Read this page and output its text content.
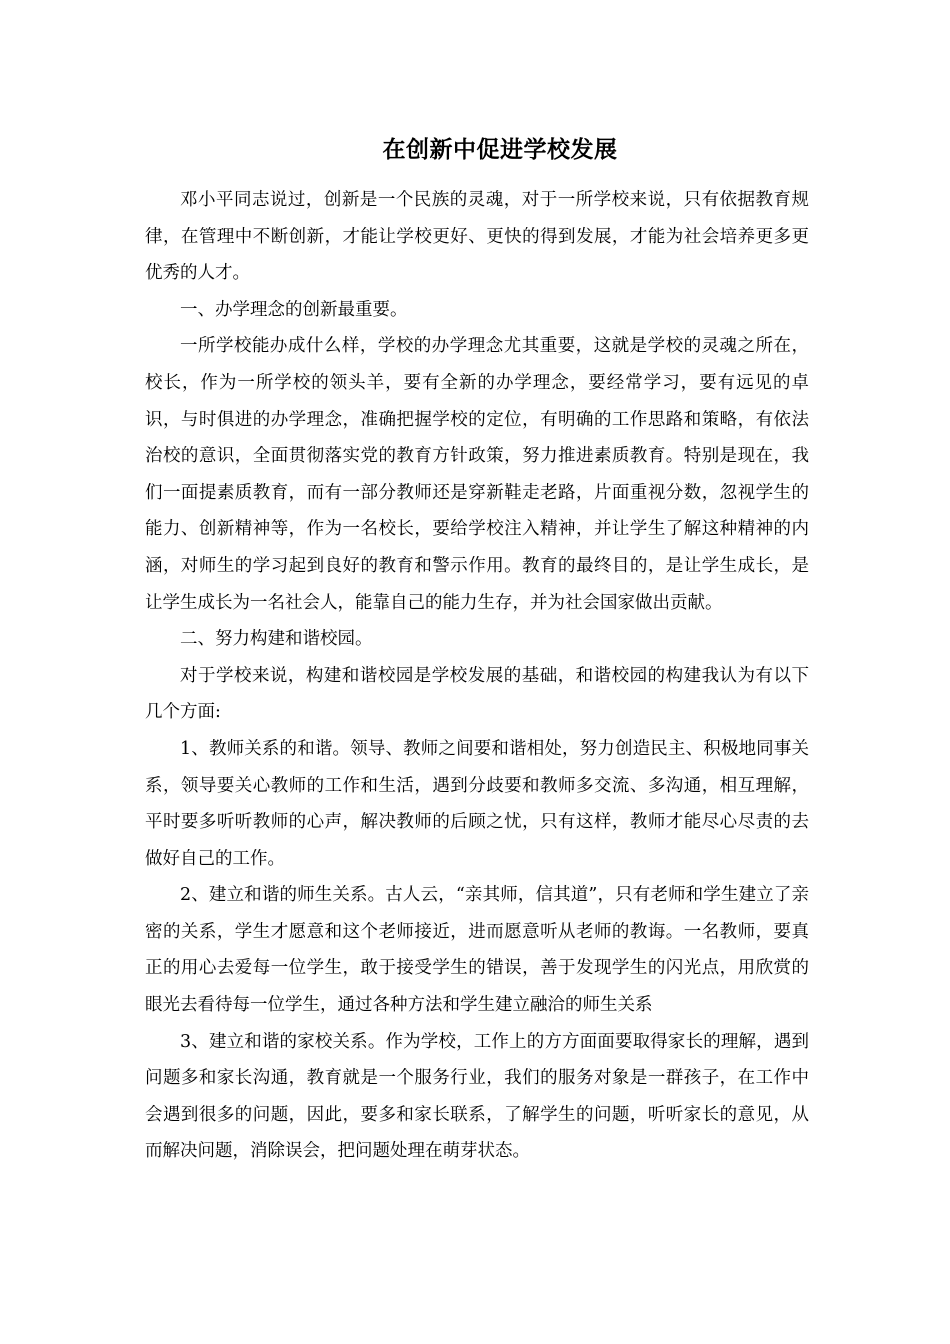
在创新中促进学校发展

邓小平同志说过，创新是一个民族的灵魂，对于一所学校来说，只有依据教育规律，在管理中不断创新，才能让学校更好、更快的得到发展，才能为社会培养更多更优秀的人才。

一、办学理念的创新最重要。

一所学校能办成什么样，学校的办学理念尤其重要，这就是学校的灵魂之所在，校长，作为一所学校的领头羊，要有全新的办学理念，要经常学习，要有远见的卓识，与时俱进的办学理念，准确把握学校的定位，有明确的工作思路和策略，有依法治校的意识，全面贯彻落实党的教育方针政策，努力推进素质教育。特别是现在，我们一面提素质教育，而有一部分教师还是穿新鞋走老路，片面重视分数，忽视学生的能力、创新精神等，作为一名校长，要给学校注入精神，并让学生了解这种精神的内涵，对师生的学习起到良好的教育和警示作用。教育的最终目的，是让学生成长，是让学生成长为一名社会人，能靠自己的能力生存，并为社会国家做出贡献。

二、努力构建和谐校园。

对于学校来说，构建和谐校园是学校发展的基础，和谐校园的构建我认为有以下几个方面:

1、教师关系的和谐。领导、教师之间要和谐相处，努力创造民主、积极地同事关系，领导要关心教师的工作和生活，遇到分歧要和教师多交流、多沟通，相互理解，平时要多听听教师的心声，解决教师的后顾之忧，只有这样，教师才能尽心尽责的去做好自己的工作。

2、建立和谐的师生关系。古人云，“亲其师，信其道”，只有老师和学生建立了亲密的关系，学生才愿意和这个老师接近，进而愿意听从老师的教诲。一名教师，要真正的用心去爱每一位学生，敢于接受学生的错误，善于发现学生的闪光点，用欣赏的眼光去看待每一位学生，通过各种方法和学生建立融洽的师生关系

3、建立和谐的家校关系。作为学校，工作上的方方面面要取得家长的理解，遇到问题多和家长沟通，教育就是一个服务行业，我们的服务对象是一群孩子，在工作中会遇到很多的问题，因此，要多和家长联系，了解学生的问题，听听家长的意见，从而解决问题，消除误会，把问题处理在萌芽状态。
